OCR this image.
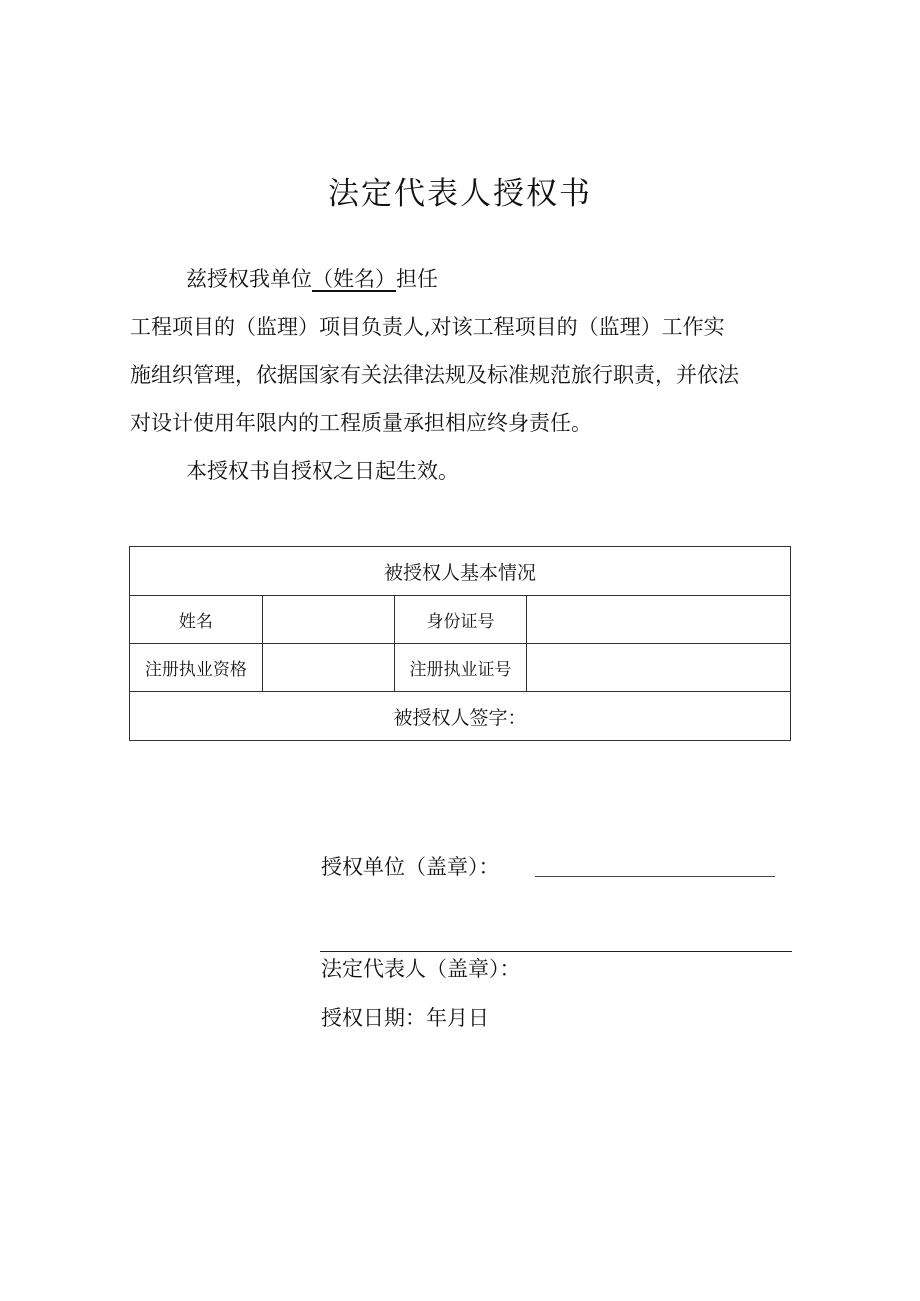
法定代表人授权书
兹授权我单位（姓名）担任
工程项目的（监理）项目负责人,对该工程项目的（监理）工作实
施组织管理，依据国家有关法律法规及标准规范旅行职责，并依法
对设计使用年限内的工程质量承担相应终身责任。
本授权书自授权之日起生效。
被授权人基本情况			
姓名		身份证号	
注册执业资格		注册执业证号	
被授权人签字：			
授权单位（盖章）：
法定代表人（盖章）：
授权日期：年月日
